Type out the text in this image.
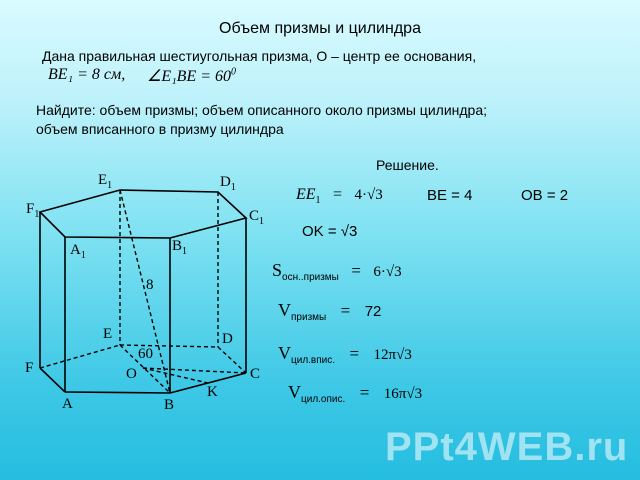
Объем призмы и цилиндра
Дана правильная шестиугольная призма, О – центр ее основания,
BE₁ = 8 см, ∠E₁BE = $60^0$
Найдите: объем призмы; объем описанного около призмы цилиндра;
объем вписанного в призму цилиндра
Решение.
$EE_1 = 4\cdot√3$	BE = 4	OB = 2
OK = √3
$S_{осн..призмы} = 6\cdot√3$
$V_{призмы} = 72$
$V_{цил.впис.} = 12\pi√3$
$V_{цил.опис.} = 16\pi√3$
$E_1$	$D_1$
$F_1$	$C_1$
$A_1$
$B_1$
8
E	D
60
F	O	C
K
A	B
PPt4WEB.ru
